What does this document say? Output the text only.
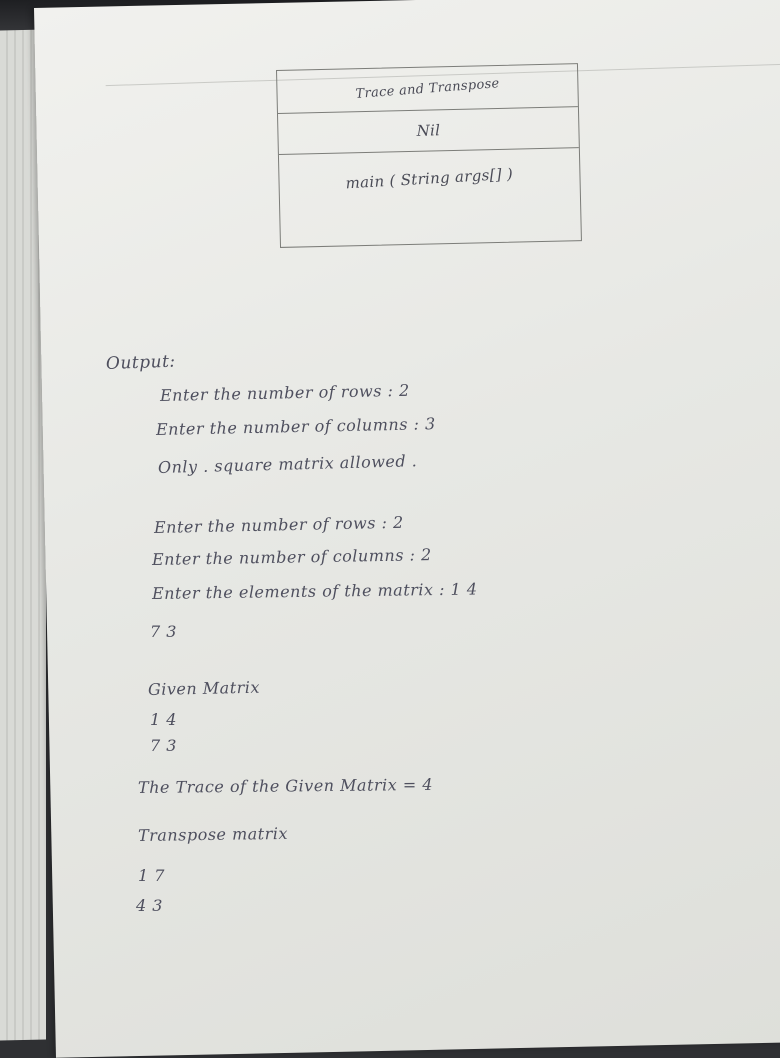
Trace and Transpose
Nil
main ( String args[] )
Output:
Enter the number of rows : 2
Enter the number of columns : 3
Only . square matrix allowed .
Enter the number of rows : 2
Enter the number of columns : 2
Enter the elements of the matrix : 1 4
7 3
Given Matrix
1 4
7 3
The Trace of the Given Matrix = 4
Transpose matrix
1 7
4 3
